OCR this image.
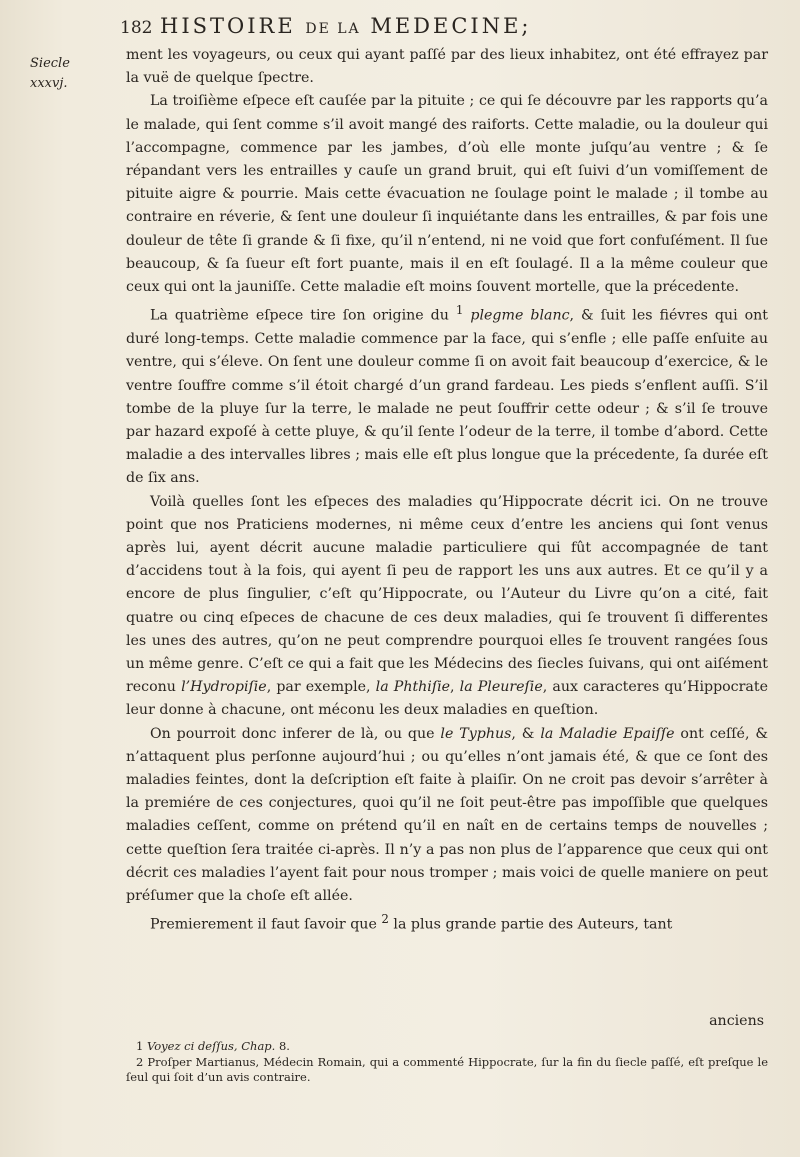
182 HISTOIRE DE LA MEDECINE;
Siecle
xxxvj.

ment les voyageurs, ou ceux qui ayant paſſé par des lieux inhabitez, ont été effrayez par la vuë de quelque ſpectre.

La troiſième eſpece eſt cauſée par la pituite ; ce qui ſe découvre par les rapports qu’a le malade, qui ſent comme s’il avoit mangé des raiforts. Cette maladie, ou la douleur qui l’accompagne, commence par les jambes, d’où elle monte juſqu’au ventre ; & ſe répandant vers les entrailles y cauſe un grand bruit, qui eſt ſuivi d’un vomiſſement de pituite aigre & pourrie. Mais cette évacuation ne ſoulage point le malade ; il tombe au contraire en réverie, & ſent une douleur ſi inquiétante dans les entrailles, & par fois une douleur de tête ſi grande & ſi fixe, qu’il n’entend, ni ne void que fort confuſément. Il ſue beaucoup, & ſa ſueur eſt fort puante, mais il en eſt ſoulagé. Il a la même couleur que ceux qui ont la jauniſſe. Cette maladie eſt moins ſouvent mortelle, que la précedente.

La quatrième eſpece tire ſon origine du $^1$ plegme blanc, & ſuit les fiévres qui ont duré long-temps. Cette maladie commence par la face, qui s’enfle ; elle paſſe enſuite au ventre, qui s’éleve. On ſent une douleur comme ſi on avoit fait beaucoup d’exercice, & le ventre ſouffre comme s’il étoit chargé d’un grand fardeau. Les pieds s’enflent auſſi. S’il tombe de la pluye ſur la terre, le malade ne peut ſouffrir cette odeur ; & s’il ſe trouve par hazard expoſé à cette pluye, & qu’il ſente l’odeur de la terre, il tombe d’abord. Cette maladie a des intervalles libres ; mais elle eſt plus longue que la précedente, ſa durée eſt de ſix ans.

Voilà quelles ſont les eſpeces des maladies qu’Hippocrate décrit ici. On ne trouve point que nos Praticiens modernes, ni même ceux d’entre les anciens qui ſont venus après lui, ayent décrit aucune maladie particuliere qui fût accompagnée de tant d’accidens tout à la fois, qui ayent ſi peu de rapport les uns aux autres. Et ce qu’il y a encore de plus ſingulier, c’eſt qu’Hippocrate, ou l’Auteur du Livre qu’on a cité, fait quatre ou cinq eſpeces de chacune de ces deux maladies, qui ſe trouvent ſi differentes les unes des autres, qu’on ne peut comprendre pourquoi elles ſe trouvent rangées ſous un même genre. C’eſt ce qui a fait que les Médecins des ſiecles ſuivans, qui ont aiſément reconu l’Hydropiſie, par exemple, la Phthiſie, la Pleureſie, aux caracteres qu’Hippocrate leur donne à chacune, ont méconu les deux maladies en queſtion.

On pourroit donc inferer de là, ou que le Typhus, & la Maladie Epaiſſe ont ceſſé, & n’attaquent plus perſonne aujourd’hui ; ou qu’elles n’ont jamais été, & que ce ſont des maladies feintes, dont la deſcription eſt faite à plaiſir. On ne croit pas devoir s’arrêter à la premiére de ces conjectures, quoi qu’il ne ſoit peut-être pas impoſſible que quelques maladies ceſſent, comme on prétend qu’il en naît en de certains temps de nouvelles ; cette queſtion ſera traitée ci-après. Il n’y a pas non plus de l’apparence que ceux qui ont décrit ces maladies l’ayent fait pour nous tromper ; mais voici de quelle maniere on peut préſumer que la choſe eſt allée.

Premierement il faut ſavoir que $^2$ la plus grande partie des Auteurs, tant

anciens

1 Voyez ci deſſus, Chap. 8.

2 Proſper Martianus, Médecin Romain, qui a commenté Hippocrate, ſur la fin du ſiecle paſſé, eſt preſque le ſeul qui ſoit d’un avis contraire.
